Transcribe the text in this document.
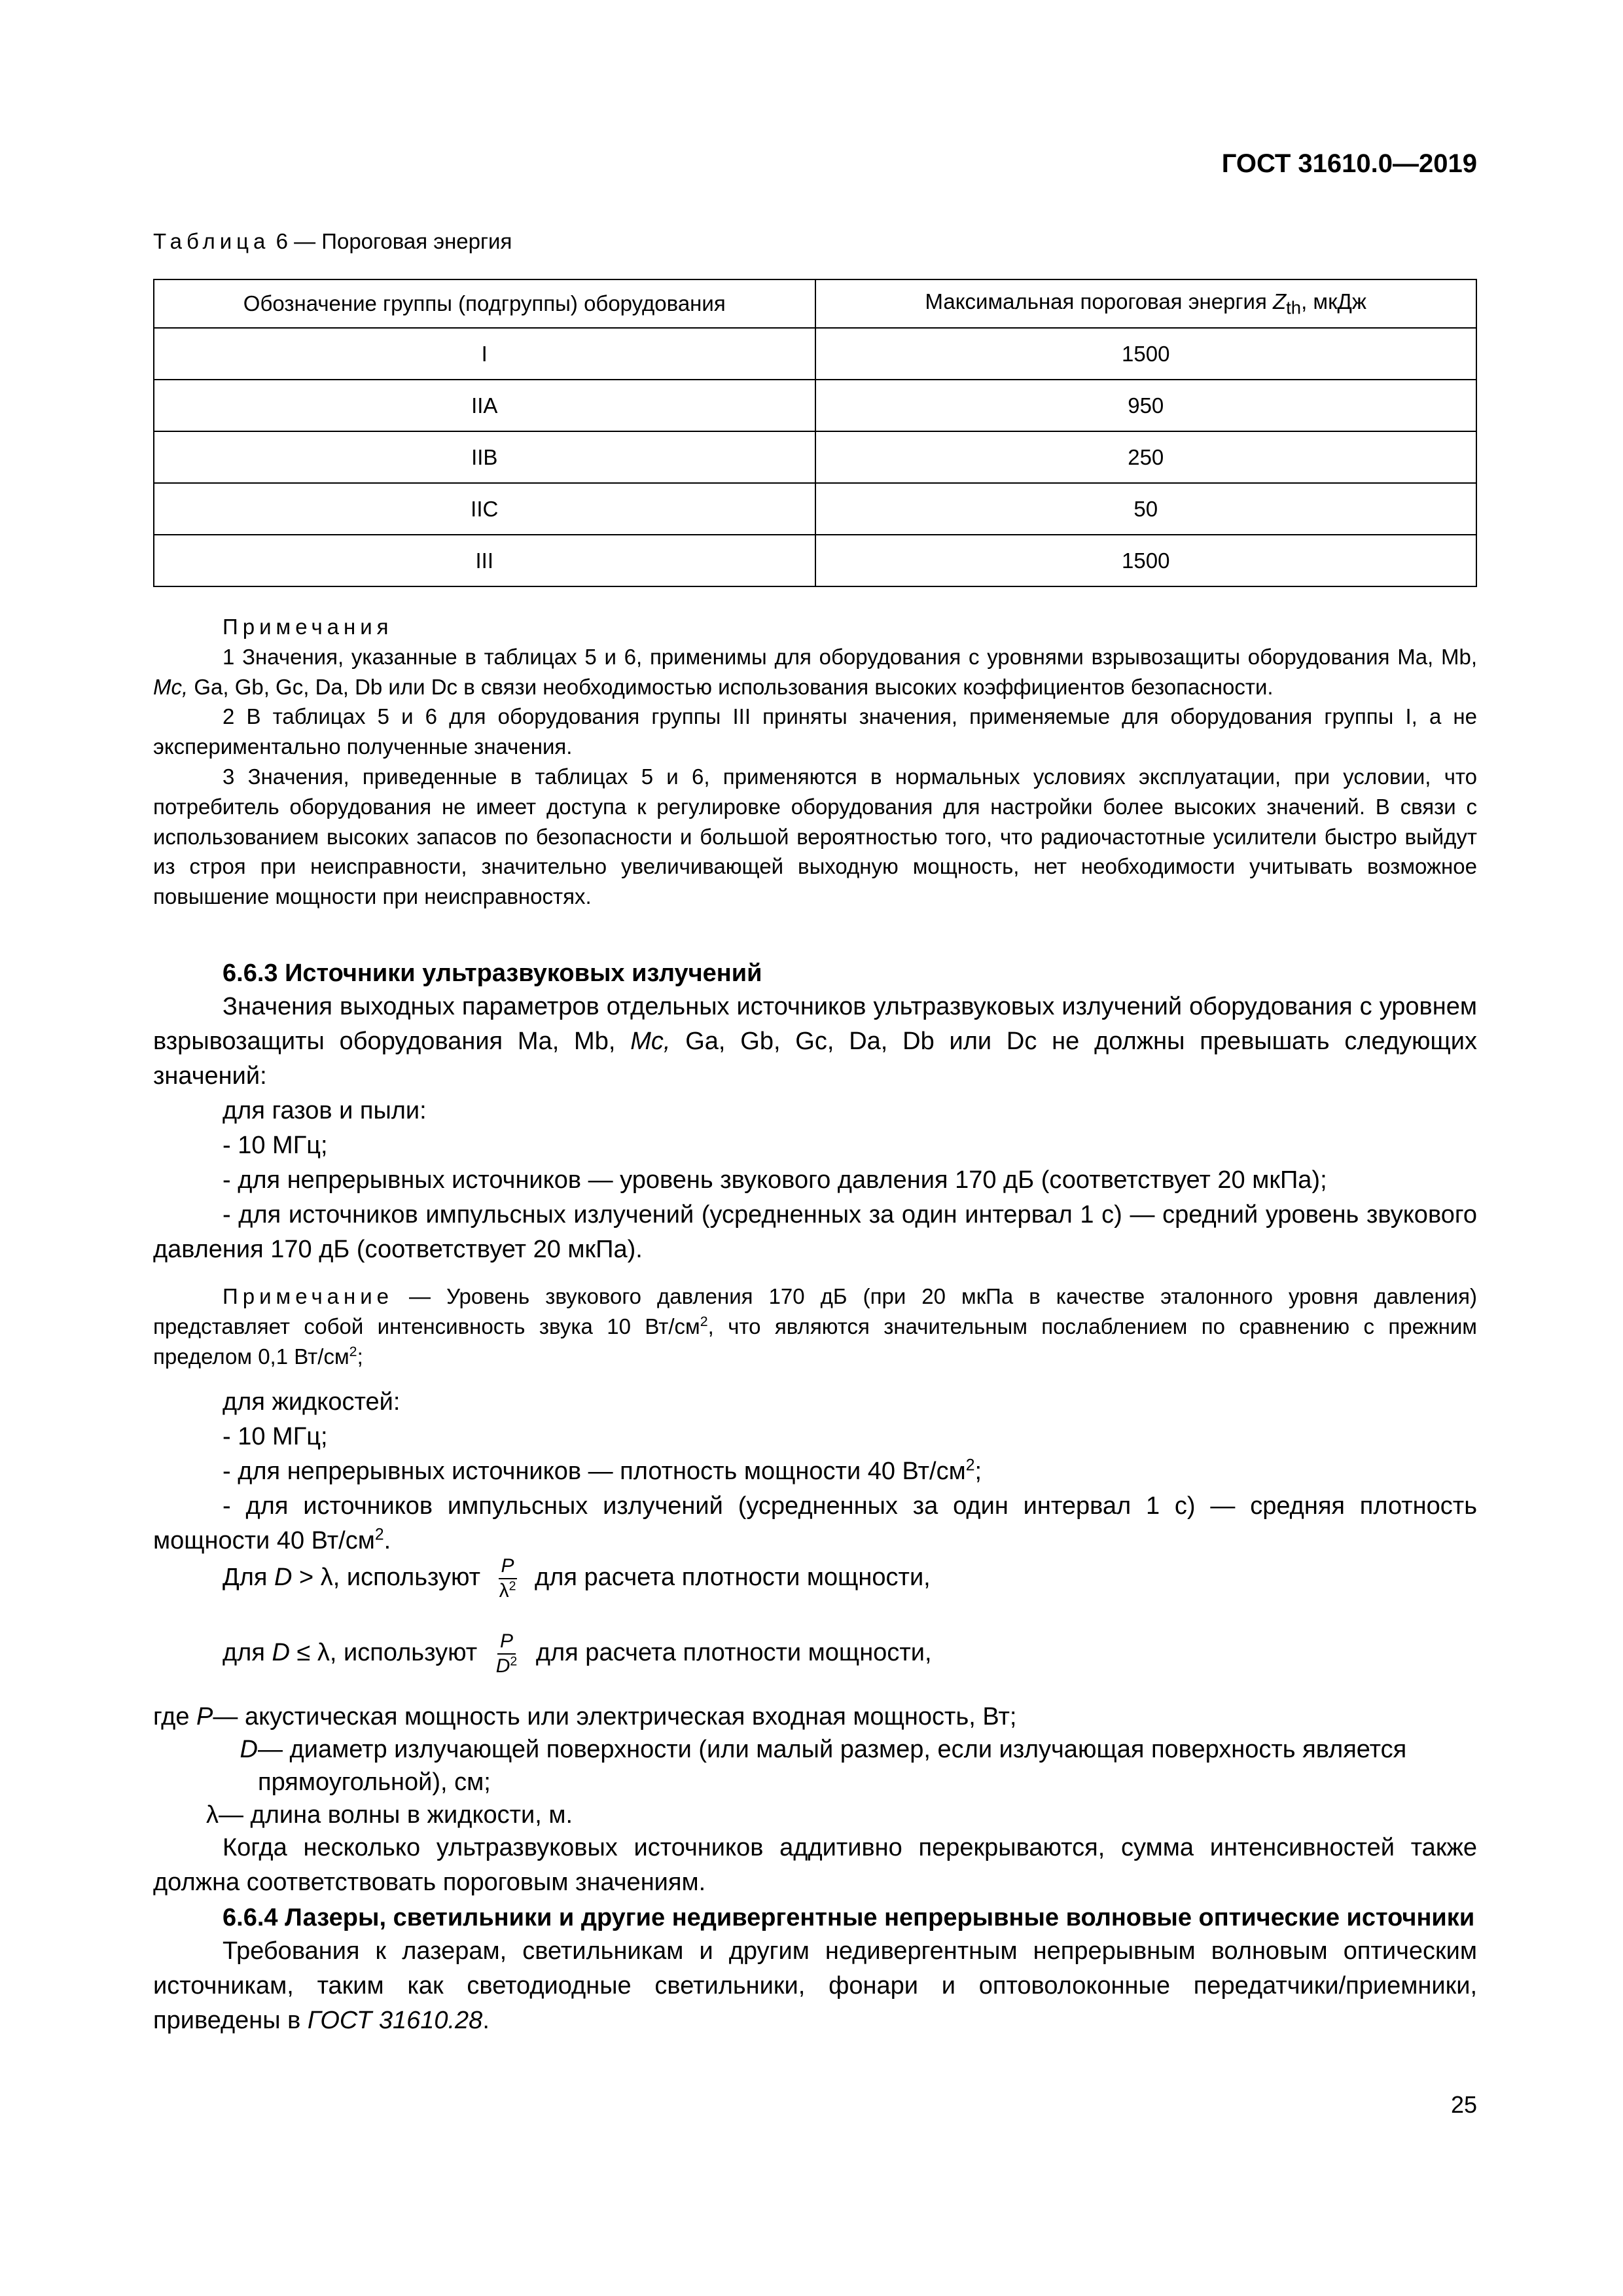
ГОСТ 31610.0—2019
Таблица 6 — Пороговая энергия
Обозначение группы (подгруппы) оборудования	Максимальная пороговая энергия $Z_{th}$, мкДж
I	1500
IIA	950
IIB	250
IIC	50
III	1500

Примечания

1 Значения, указанные в таблицах 5 и 6, применимы для оборудования с уровнями взрывозащиты оборудования Ma, Mb, Mc, Ga, Gb, Gc, Da, Db или Dc в связи необходимостью использования высоких коэффициентов безопасности.

2 В таблицах 5 и 6 для оборудования группы III приняты значения, применяемые для оборудования группы I, а не экспериментально полученные значения.

3 Значения, приведенные в таблицах 5 и 6, применяются в нормальных условиях эксплуатации, при условии, что потребитель оборудования не имеет доступа к регулировке оборудования для настройки более высоких значений. В связи с использованием высоких запасов по безопасности и большой вероятностью того, что радиочастотные усилители быстро выйдут из строя при неисправности, значительно увеличивающей выходную мощность, нет необходимости учитывать возможное повышение мощности при неисправностях.

6.6.3 Источники ультразвуковых излучений

Значения выходных параметров отдельных источников ультразвуковых излучений оборудования с уровнем взрывозащиты оборудования Ma, Mb, Mc, Ga, Gb, Gc, Da, Db или Dc не должны превышать следующих значений:

для газов и пыли:

- 10 МГц;

- для непрерывных источников — уровень звукового давления 170 дБ (соответствует 20 мкПа);

- для источников импульсных излучений (усредненных за один интервал 1 с) — средний уровень звукового давления 170 дБ (соответствует 20 мкПа).

Примечание — Уровень звукового давления 170 дБ (при 20 мкПа в качестве эталонного уровня давления) представляет собой интенсивность звука 10 $Вт/см^2$, что являются значительным послаблением по сравнению с прежним пределом 0,1 $Вт/см^2$;

для жидкостей:

- 10 МГц;

- для непрерывных источников — плотность мощности 40 $Вт/см^2$;

- для источников импульсных излучений (усредненных за один интервал 1 с) — средняя плотность мощности 40 $Вт/см^2$.

Для D > λ, используют $\frac{P}{\lambda^2}$ для расчета плотности мощности,
для D ≤ λ, используют $\frac{P}{D^2}$ для расчета плотности мощности,
где P — акустическая мощность или электрическая входная мощность, Вт;
D — диаметр излучающей поверхности (или малый размер, если излучающая поверхность является прямоугольной), см;
λ — длина волны в жидкости, м.

Когда несколько ультразвуковых источников аддитивно перекрываются, сумма интенсивностей также должна соответствовать пороговым значениям.

6.6.4 Лазеры, светильники и другие недивергентные непрерывные волновые оптические источники

Требования к лазерам, светильникам и другим недивергентным непрерывным волновым оптическим источникам, таким как светодиодные светильники, фонари и оптоволоконные передатчики/приемники, приведены в ГОСТ 31610.28.

25
